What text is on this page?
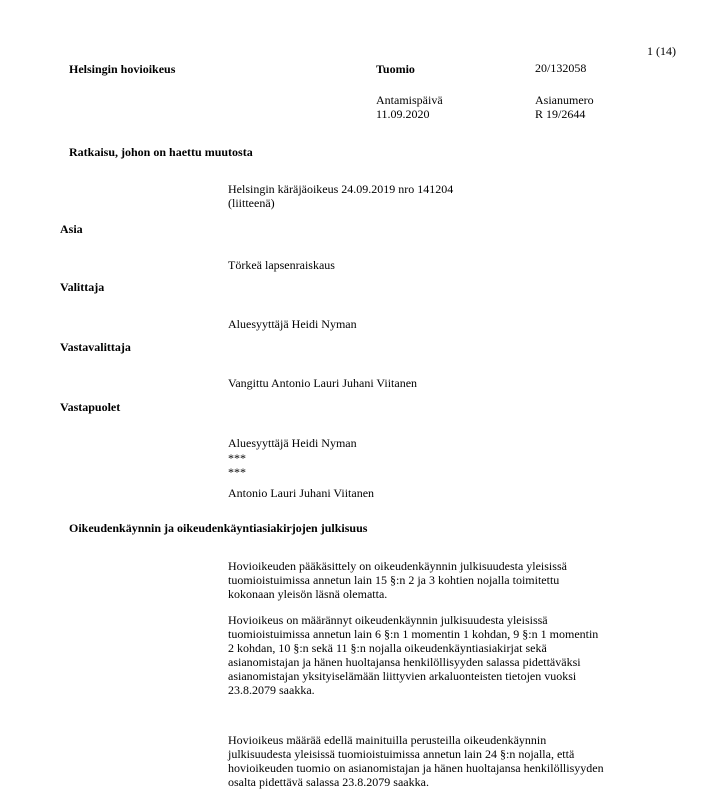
1 (14)
Helsingin hovioikeus	Tuomio	20/132058
Antamispäivä
11.09.2020
Asianumero
R 19/2644
Ratkaisu, johon on haettu muutosta
Helsingin käräjäoikeus 24.09.2019 nro 141204
(liitteenä)
Asia
Törkeä lapsenraiskaus
Valittaja
Aluesyyttäjä Heidi Nyman
Vastavalittaja
Vangittu Antonio Lauri Juhani Viitanen
Vastapuolet
Aluesyyttäjä Heidi Nyman
***
***
Antonio Lauri Juhani Viitanen
Oikeudenkäynnin ja oikeudenkäyntiasiakirjojen julkisuus
Hovioikeuden pääkäsittely on oikeudenkäynnin julkisuudesta yleisissä
tuomioistuimissa annetun lain 15 §:n 2 ja 3 kohtien nojalla toimitettu
kokonaan yleisön läsnä olematta.
Hovioikeus on määrännyt oikeudenkäynnin julkisuudesta yleisissä
tuomioistuimissa annetun lain 6 §:n 1 momentin 1 kohdan, 9 §:n 1 momentin
2 kohdan, 10 §:n sekä 11 §:n nojalla oikeudenkäyntiasiakirjat sekä
asianomistajan ja hänen huoltajansa henkilöllisyyden salassa pidettäväksi
asianomistajan yksityiselämään liittyvien arkaluonteisten tietojen vuoksi
23.8.2079 saakka.
Hovioikeus määrää edellä mainituilla perusteilla oikeudenkäynnin
julkisuudesta yleisissä tuomioistuimissa annetun lain 24 §:n nojalla, että
hovioikeuden tuomio on asianomistajan ja hänen huoltajansa henkilöllisyyden
osalta pidettävä salassa 23.8.2079 saakka.
